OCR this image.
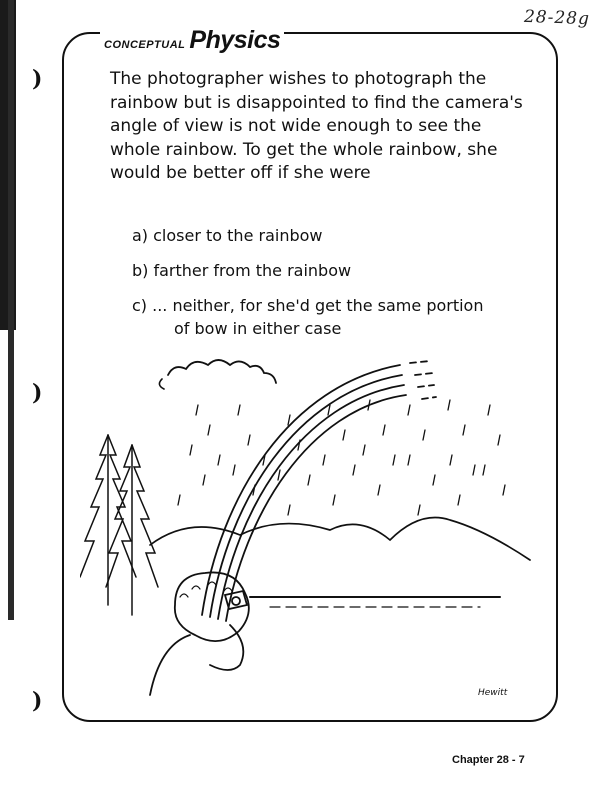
)
)
)
28-28g
CONCEPTUAL Physics

The photographer wishes to photograph the rainbow but is disappointed to find the camera's angle of view is not wide enough to see the whole rainbow. To get the whole rainbow, she would be better off if she were

a) closer to the rainbow
b) farther from the rainbow
c) ... neither, for she'd get the same portion
of bow in either case
Hewitt
Chapter 28 - 7
